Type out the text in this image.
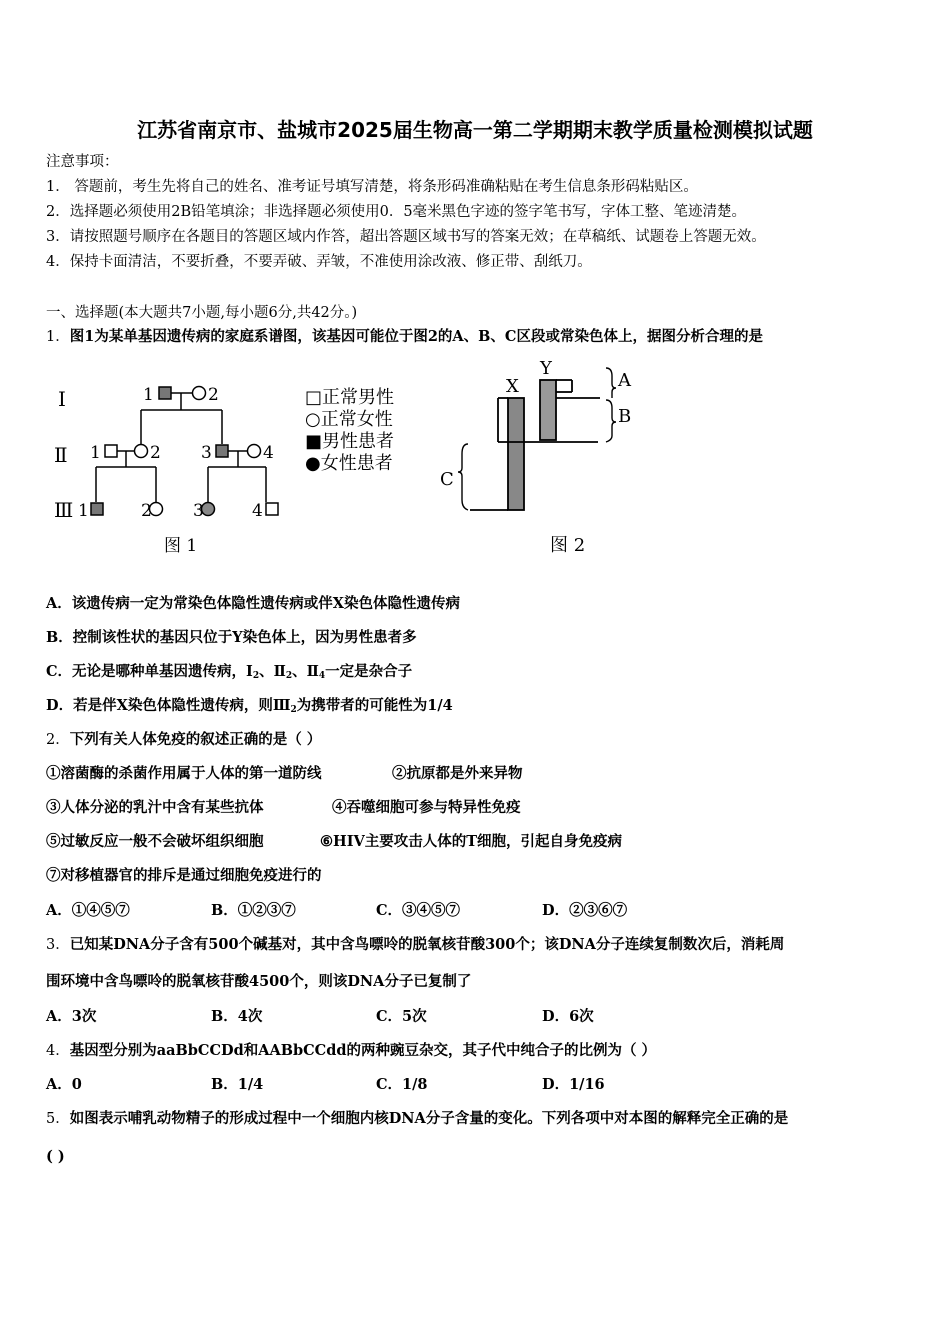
江苏省南京市、盐城市2025届生物高一第二学期期末教学质量检测模拟试题
注意事项：
1． 答题前，考生先将自己的姓名、准考证号填写清楚，将条形码准确粘贴在考生信息条形码粘贴区。
2．选择题必须使用2B铅笔填涂；非选择题必须使用0．5毫米黑色字迹的签字笔书写，字体工整、笔迹清楚。
3．请按照题号顺序在各题目的答题区域内作答，超出答题区域书写的答案无效；在草稿纸、试题卷上答题无效。
4．保持卡面清洁，不要折叠，不要弄破、弄皱，不准使用涂改液、修正带、刮纸刀。
一、选择题(本大题共7小题,每小题6分,共42分。)
1．图1为某单基因遗传病的家庭系谱图，该基因可能位于图2的A、B、C区段或常染色体上，据图分析合理的是
Ⅰ
Ⅱ
Ⅲ
1	2
1	2 3	4
1	2 3	4
图 1
□正常男性
○正常女性
■男性患者
●女性患者
X
Y
A
B
C
图 2
A．该遗传病一定为常染色体隐性遗传病或伴X染色体隐性遗传病
B．控制该性状的基因只位于Y染色体上，因为男性患者多
C．无论是哪种单基因遗传病，$Ⅰ_2$、$Ⅱ_2$、$Ⅱ_4$一定是杂合子
D．若是伴X染色体隐性遗传病，则$Ⅲ_2$为携带者的可能性为1/4
2．下列有关人体免疫的叙述正确的是（ ）
①溶菌酶的杀菌作用属于人体的第一道防线	②抗原都是外来异物
③人体分泌的乳汁中含有某些抗体	④吞噬细胞可参与特异性免疫
⑤过敏反应一般不会破坏组织细胞	⑥HIV主要攻击人体的T细胞，引起自身免疫病
⑦对移植器官的排斥是通过细胞免疫进行的
A．①④⑤⑦	B．①②③⑦	C．③④⑤⑦	D．②③⑥⑦
3．已知某DNA分子含有500个碱基对，其中含鸟嘌呤的脱氧核苷酸300个；该DNA分子连续复制数次后，消耗周
围环境中含鸟嘌呤的脱氧核苷酸4500个，则该DNA分子已复制了
A．3次	B．4次	C．5次	D．6次
4．基因型分别为aaBbCCDd和AABbCCdd的两种豌豆杂交，其子代中纯合子的比例为（ ）
A．0	B．1/4	C．1/8	D．1/16
5．如图表示哺乳动物精子的形成过程中一个细胞内核DNA分子含量的变化。下列各项中对本图的解释完全正确的是
( )
